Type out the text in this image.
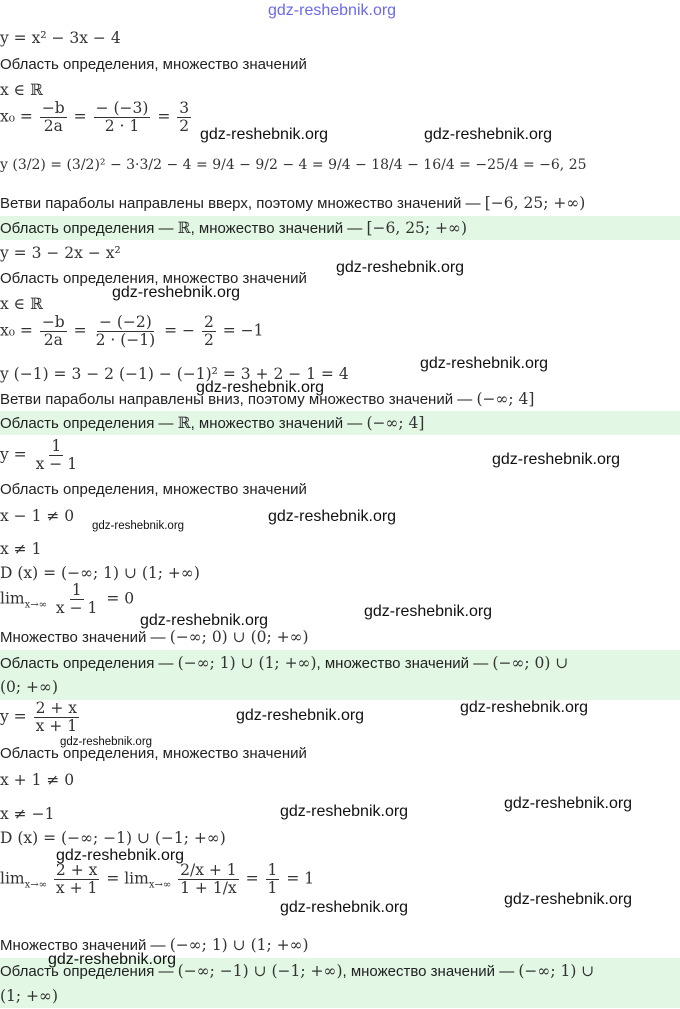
gdz-reshebnik.org
y = x² − 3x − 4
Область определения, множество значений
x ∈ ℝ
$x_0 = \frac{-b}{2a} = \frac{- (-3)}{2 \cdot 1} = \frac{3}{2}$
y (3/2) = (3/2)² − 3·3/2 − 4 = 9/4 − 9/2 − 4 = 9/4 − 18/4 − 16/4 = −25/4 = −6, 25
Ветви параболы направлены вверх, поэтому множество значений — [−6, 25; +∞)
Область определения — ℝ, множество значений — [−6, 25; +∞)
y = 3 − 2x − x²
Область определения, множество значений
x ∈ ℝ
$x_0 = \frac{-b}{2a} = \frac{- (-2)}{2 \cdot (-1)}$ = − $\frac{2}{2} = -1$
y (−1) = 3 − 2 (−1) − (−1)² = 3 + 2 − 1 = 4
Ветви параболы направлены вниз, поэтому множество значений — (−∞; 4]
Область определения — ℝ, множество значений — (−∞; 4]
$y = \frac{1}{x - 1}$
Область определения, множество значений
x − 1 ≠ 0
x ≠ 1
D (x) = (−∞; 1) ∪ (1; +∞)
$\lim_{x\to\infty} \frac{1}{x - 1} = 0$
Множество значений — (−∞; 0) ∪ (0; +∞)
Область определения — (−∞; 1) ∪ (1; +∞), множество значений — (−∞; 0) ∪
(0; +∞)
$y = \frac{2 + x}{x + 1}$
Область определения, множество значений
x + 1 ≠ 0
x ≠ −1
D (x) = (−∞; −1) ∪ (−1; +∞)
$\lim_{x\to\infty} \frac{2 + x}{x + 1} = \lim_{x\to\infty} \frac{2/x + 1}{1 + 1/x} = \frac{1}{1} = 1$
Множество значений — (−∞; 1) ∪ (1; +∞)
Область определения — (−∞; −1) ∪ (−1; +∞), множество значений — (−∞; 1) ∪
(1; +∞)
gdz-reshebnik.org	gdz-reshebnik.org
gdz-reshebnik.org
gdz-reshebnik.org
gdz-reshebnik.org
gdz-reshebnik.org
gdz-reshebnik.org
gdz-reshebnik.org
gdz-reshebnik.org
gdz-reshebnik.org
gdz-reshebnik.org
gdz-reshebnik.org
gdz-reshebnik.org
gdz-reshebnik.org
gdz-reshebnik.org
gdz-reshebnik.org
gdz-reshebnik.org
gdz-reshebnik.org
gdz-reshebnik.org
gdz-reshebnik.org
